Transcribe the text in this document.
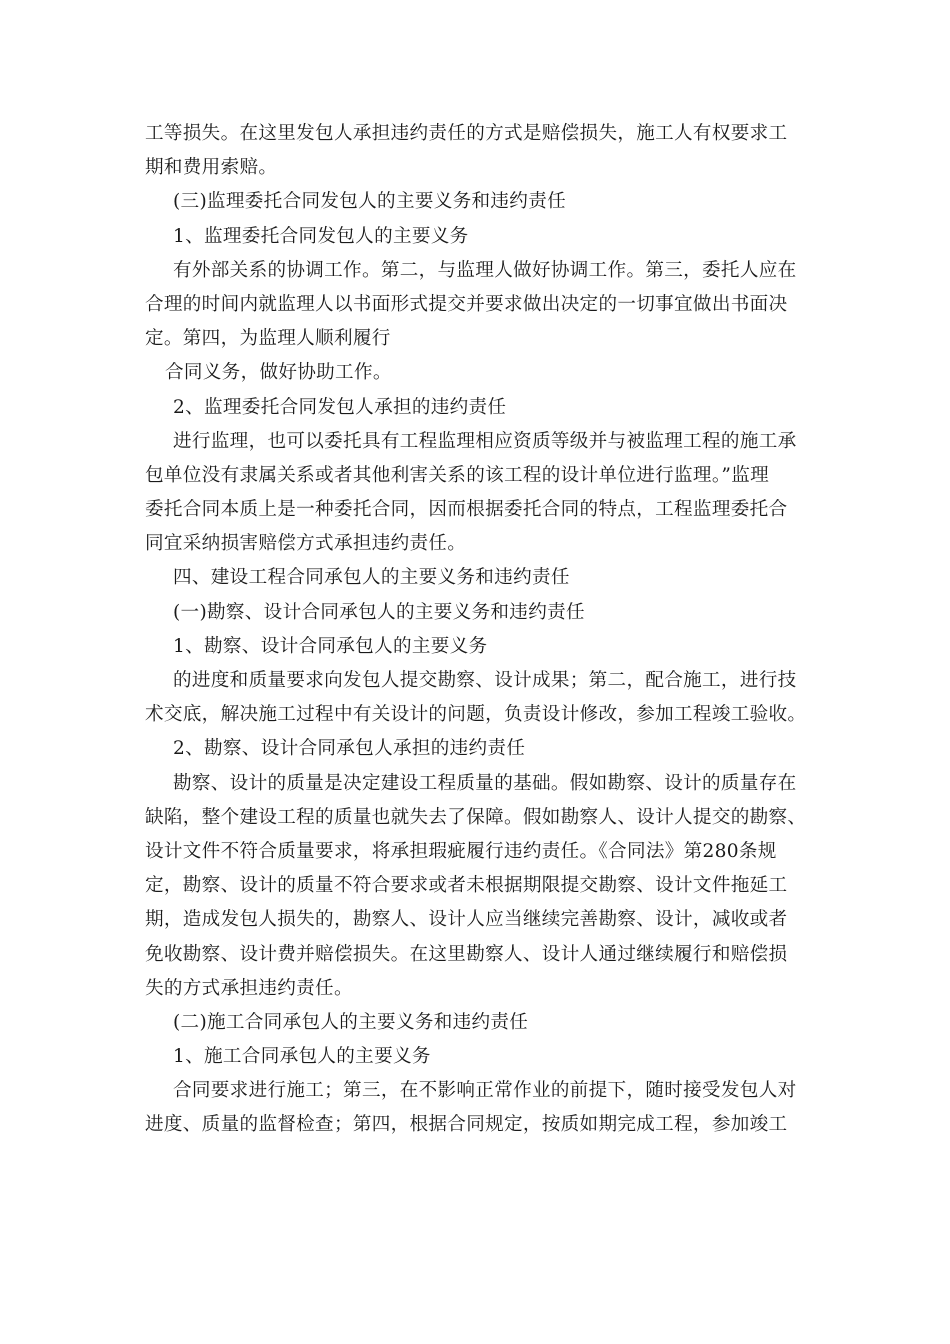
工等损失。在这里发包人承担违约责任的方式是赔偿损失，施工人有权要求工
期和费用索赔。
(三)监理委托合同发包人的主要义务和违约责任
1、监理委托合同发包人的主要义务
有外部关系的协调工作。第二，与监理人做好协调工作。第三，委托人应在
合理的时间内就监理人以书面形式提交并要求做出决定的一切事宜做出书面决
定。第四，为监理人顺利履行
合同义务，做好协助工作。
2、监理委托合同发包人承担的违约责任
进行监理，也可以委托具有工程监理相应资质等级并与被监理工程的施工承
包单位没有隶属关系或者其他利害关系的该工程的设计单位进行监理。”监理
委托合同本质上是一种委托合同，因而根据委托合同的特点，工程监理委托合
同宜采纳损害赔偿方式承担违约责任。
四、建设工程合同承包人的主要义务和违约责任
(一)勘察、设计合同承包人的主要义务和违约责任
1、勘察、设计合同承包人的主要义务
的进度和质量要求向发包人提交勘察、设计成果；第二，配合施工，进行技
术交底，解决施工过程中有关设计的问题，负责设计修改，参加工程竣工验收。
2、勘察、设计合同承包人承担的违约责任
勘察、设计的质量是决定建设工程质量的基础。假如勘察、设计的质量存在
缺陷，整个建设工程的质量也就失去了保障。假如勘察人、设计人提交的勘察、
设计文件不符合质量要求，将承担瑕疵履行违约责任。《合同法》第280条规
定，勘察、设计的质量不符合要求或者未根据期限提交勘察、设计文件拖延工
期，造成发包人损失的，勘察人、设计人应当继续完善勘察、设计，减收或者
免收勘察、设计费并赔偿损失。在这里勘察人、设计人通过继续履行和赔偿损
失的方式承担违约责任。
(二)施工合同承包人的主要义务和违约责任
1、施工合同承包人的主要义务
合同要求进行施工；第三，在不影响正常作业的前提下，随时接受发包人对
进度、质量的监督检查；第四，根据合同规定，按质如期完成工程，参加竣工
